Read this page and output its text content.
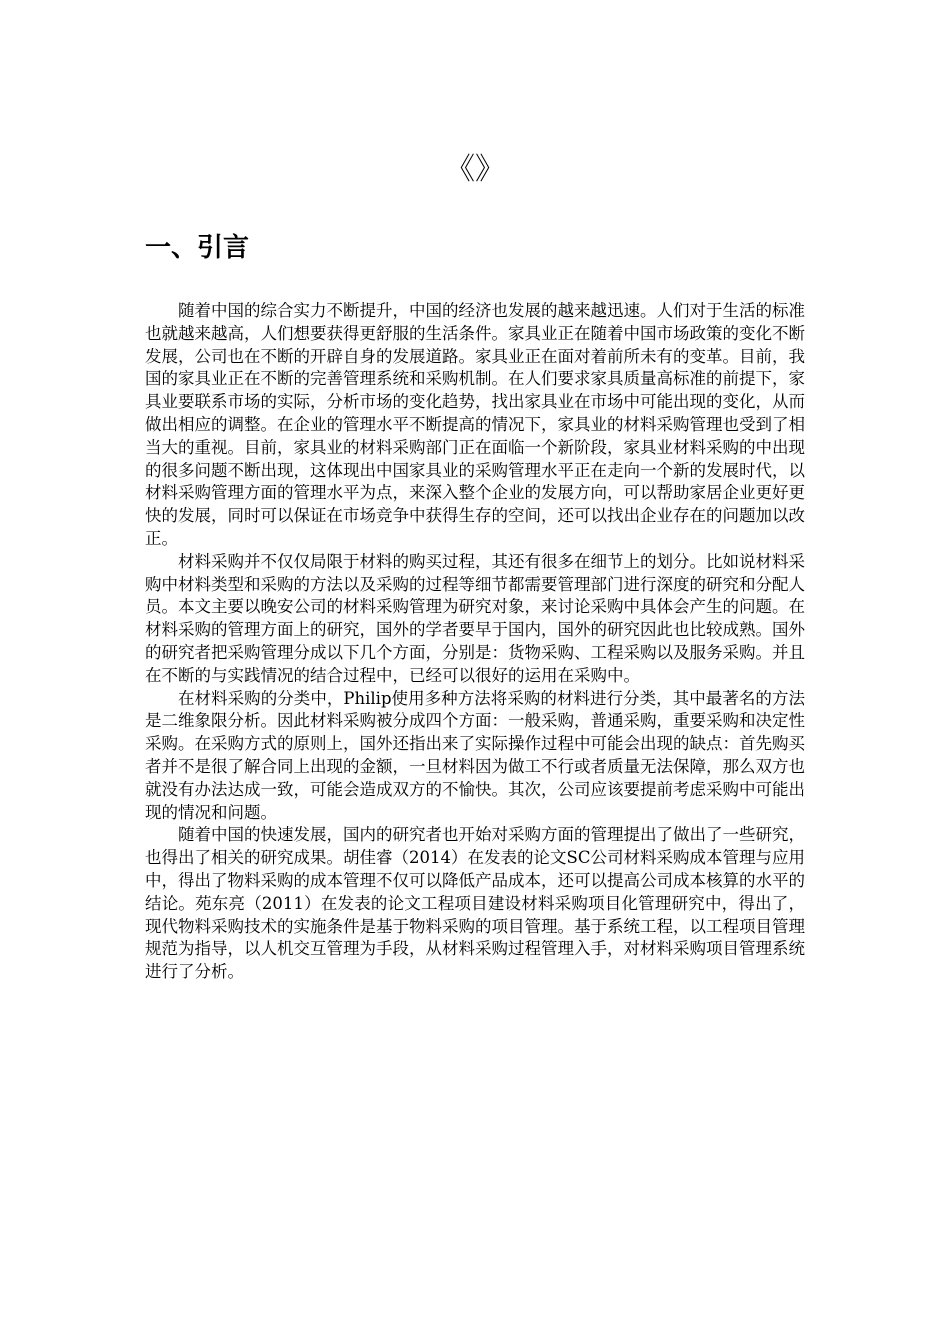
《》
一、引言

随着中国的综合实力不断提升，中国的经济也发展的越来越迅速。人们对于生活的标准也就越来越高，人们想要获得更舒服的生活条件。家具业正在随着中国市场政策的变化不断发展，公司也在不断的开辟自身的发展道路。家具业正在面对着前所未有的变革。目前，我国的家具业正在不断的完善管理系统和采购机制。在人们要求家具质量高标准的前提下，家具业要联系市场的实际，分析市场的变化趋势，找出家具业在市场中可能出现的变化，从而做出相应的调整。在企业的管理水平不断提高的情况下，家具业的材料采购管理也受到了相当大的重视。目前，家具业的材料采购部门正在面临一个新阶段，家具业材料采购的中出现的很多问题不断出现，这体现出中国家具业的采购管理水平正在走向一个新的发展时代，以材料采购管理方面的管理水平为点，来深入整个企业的发展方向，可以帮助家居企业更好更快的发展，同时可以保证在市场竞争中获得生存的空间，还可以找出企业存在的问题加以改正。

材料采购并不仅仅局限于材料的购买过程，其还有很多在细节上的划分。比如说材料采购中材料类型和采购的方法以及采购的过程等细节都需要管理部门进行深度的研究和分配人员。本文主要以晚安公司的材料采购管理为研究对象，来讨论采购中具体会产生的问题。在材料采购的管理方面上的研究，国外的学者要早于国内，国外的研究因此也比较成熟。国外的研究者把采购管理分成以下几个方面，分别是：货物采购、工程采购以及服务采购。并且在不断的与实践情况的结合过程中，已经可以很好的运用在采购中。

在材料采购的分类中，Philip使用多种方法将采购的材料进行分类，其中最著名的方法是二维象限分析。因此材料采购被分成四个方面：一般采购，普通采购，重要采购和决定性采购。在采购方式的原则上，国外还指出来了实际操作过程中可能会出现的缺点：首先购买者并不是很了解合同上出现的金额，一旦材料因为做工不行或者质量无法保障，那么双方也就没有办法达成一致，可能会造成双方的不愉快。其次，公司应该要提前考虑采购中可能出现的情况和问题。

随着中国的快速发展，国内的研究者也开始对采购方面的管理提出了做出了一些研究，也得出了相关的研究成果。胡佳睿（2014）在发表的论文SC公司材料采购成本管理与应用中，得出了物料采购的成本管理不仅可以降低产品成本，还可以提高公司成本核算的水平的结论。苑东亮（2011）在发表的论文工程项目建设材料采购项目化管理研究中，得出了，现代物料采购技术的实施条件是基于物料采购的项目管理。基于系统工程，以工程项目管理规范为指导，以人机交互管理为手段，从材料采购过程管理入手，对材料采购项目管理系统进行了分析。
